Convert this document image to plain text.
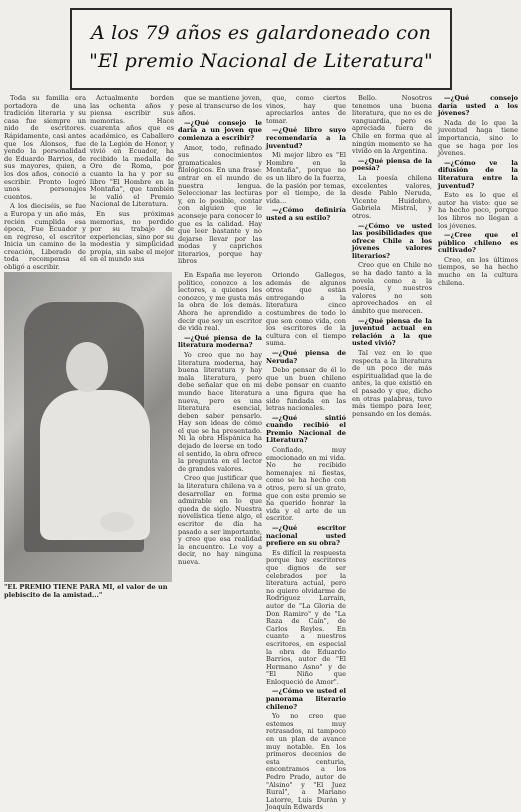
A los 79 años es galardoneado con
"El premio Nacional de Literatura"

Toda su familia era portadora de una tradición literaria y su casa fue siempre un nido de escritores. Rápidamente, casi antes que los Alonsos, fue yendo la personalidad de Eduardo Barrios, de sus mayores, quien, a los dos años, conoció a escribir. Pronto logró unos personajes cuentos.

A los dieciséis, se fue a Europa y un año más, recién cumplida esa época, Fue Ecuador y en regreso, el escritor Inicia un camino de la creación, Liberado de toda recompensa el obligó a escribir.

Actualmente borden las ochenta años y piensa escribir sus memorias. Hace cuarenta años que es académico, es Caballero de la Legión de Honor, y vivió en Ecuador, ha recibido la medalla de Oro de Roma, por cuanto la ha y por su libro "El Hombre en la Montaña", que también le valió el Premio Nacional de Literatura.

En sus próximas memorias, no perdido por su trabajo de experiencias, sino por su modestia y simplicidad propia, sin sabe el mejor en el mundo sus

que se mantiene joven, pese al transcurso de los años.

—¿Qué consejo le daría a un joven que comienza a escribir?

Amor, todo, refinado sus conocimientos gramaticales y filológicos. En una frase: entrar en el mundo de nuestra lengua. Seleccionar las lecturas y, en lo posible, contar con alguien que le aconseje para conocer lo que es la calidad. Hay que leer bastante y no dejarse llevar por las modas y caprichos literarios, porque hay libros

que, como ciertos vinos, hay que apreciarlos antes de tomar.

—¿Qué libro suyo recomendaría a la juventud?

Mi mejor libro es "El Hombre en la Montaña", porque no es un libro de la fuerza, de la pasión por temas, por el tiempo, de la vida...

—¿Cómo definiría usted a su estilo?

En España me leyeron político, conozco a los lectores, a quienes les conozco, y me gusta más la obra de los demás. Ahora he aprendido a decir que soy un escritor de vida real.

—¿Qué piensa de la literatura moderna?

Yo creo que no hay literatura moderna, hay buena literatura y hay mala literatura, pero debe señalar que en mi mundo hace literatura nueva, pero es una literatura esencial, deben saber pensarlo. Hay son ideas de cómo el que se ha presentado. Ni la obra Hispánica ha dejado de leerse en todo el sentido, la obra ofrece la pregunta en el lector de grandes valores.

Creo que justificar que la literatura chilena va a desarrollar en forma admirable en lo que queda de siglo. Nuestra novelística tiene algo, el escritor de día ha pasado a ser importante, y creo que esa realidad la encuentro. Le voy a decir, no hay ninguna nueva.

Oriondo Gallegos, además de algunos otros que están entregando a la literatura cinco costumbres de todo lo que son como vida, con los escritores de la cultura con el tiempo suma.

—¿Qué piensa de Neruda?

Debo pensar de él lo que un buen chileno debe pensar en cuanto a una figura que ha sido fundada en las letras nacionales.

—¿Qué sintió cuando recibió el Premio Nacional de Literatura?

Confiado, muy emocionado en mi vida. No he recibido homenajes ni fiestas, como se ha hecho con otros, pero sí un grato, que con este premio se ha querido honrar la vida y el arte de un escritor.

—¿Qué escritor nacional usted prefiere en su obra?

Es difícil la respuesta porque hay escritores que dignos de ser celebrados por la literatura actual, pero no quiero olvidarme de Rodríguez Larraín, autor de "La Gloria de Don Ramiro" y de "La Raza de Caín", de Carlos Reyles. En cuanto a nuestros escritores, en especial la obra de Eduardo Barrios, autor de "El Hermano Asno" y de "El Niño que Enloqueció de Amor".

—¿Cómo ve usted el panorama literario chileno?

Yo no creo que estemos muy retrasados, ni tampoco en un plan de avance muy notable. En los primeros decenios de esta centuria, encontramos a los Pedro Prado, autor de "Alsino" y "El Juez Rural", a Mariano Latorre, Luis Durán y Joaquín Edwards

Bello. Nosotros tenemos una buena literatura, que no es de vanguardia, pero es apreciada fuera de Chile en forma que al ningún momento se ha vivido en la Argentina.

—¿Qué piensa de la poesía?

La poesía chilena excelentes valores, desde Pablo Neruda, Vicente Huidobro, Gabriela Mistral, y otros.

—¿Cómo ve usted las posibilidades que ofrece Chile a los jóvenes valores literarios?

Creo que en Chile no se ha dado tanto a la novela como a la poesía, y nuestros valores no son aprovechados en el ámbito que merecen.

—¿Qué piensa de la juventud actual en relación a la que usted vivió?

Tal vez en lo que respecta a la literatura de un poco de más espiritualidad que la de antes, la que existió en el pasado y que, dicho en otras palabras, tuvo más tiempo para leer, pensando en los demás.

—¿Qué consejo daría usted a los jóvenes?

Nada de lo que la juventud haga tiene importancia, sino lo que se haga por los jóvenes.

—¿Cómo ve la difusión de la literatura entre la juventud?

Esto es lo que el autor ha visto: que se ha hecho poco, porque los libros no llegan a los jóvenes.

—¿Cree que el público chileno es cultivado?

Creo, en los últimos tiempos, se ha hecho mucho en la cultura chilena.

"EL PREMIO TIENE PARA MI, el valor de un plebiscito de la amistad..."
